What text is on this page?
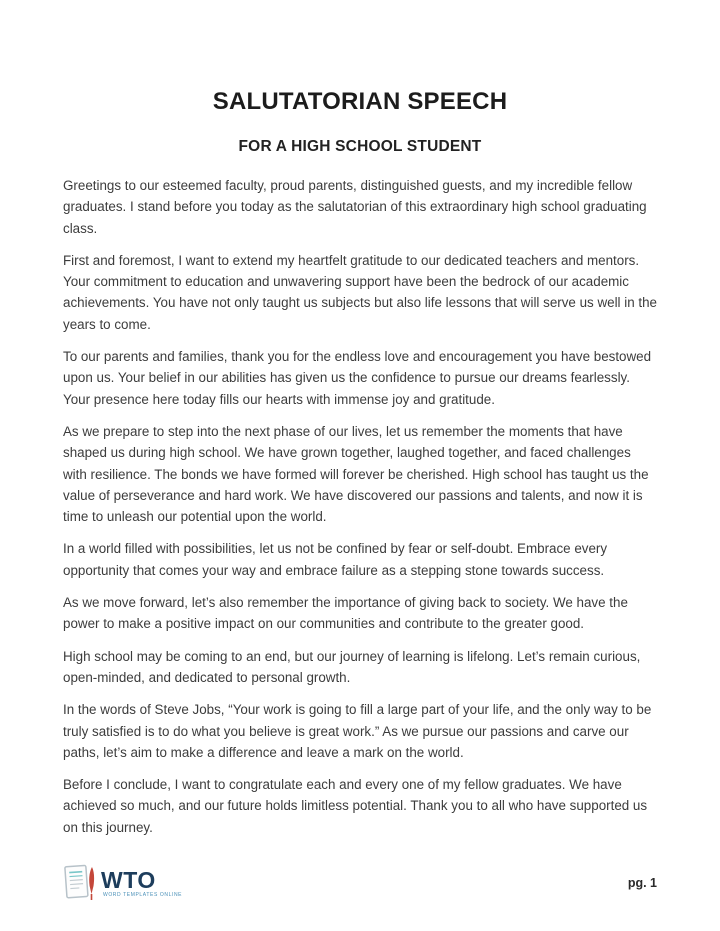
SALUTATORIAN SPEECH
FOR A HIGH SCHOOL STUDENT

Greetings to our esteemed faculty, proud parents, distinguished guests, and my incredible fellow graduates. I stand before you today as the salutatorian of this extraordinary high school graduating class.

First and foremost, I want to extend my heartfelt gratitude to our dedicated teachers and mentors. Your commitment to education and unwavering support have been the bedrock of our academic achievements. You have not only taught us subjects but also life lessons that will serve us well in the years to come.

To our parents and families, thank you for the endless love and encouragement you have bestowed upon us. Your belief in our abilities has given us the confidence to pursue our dreams fearlessly. Your presence here today fills our hearts with immense joy and gratitude.

As we prepare to step into the next phase of our lives, let us remember the moments that have shaped us during high school. We have grown together, laughed together, and faced challenges with resilience. The bonds we have formed will forever be cherished. High school has taught us the value of perseverance and hard work. We have discovered our passions and talents, and now it is time to unleash our potential upon the world.

In a world filled with possibilities, let us not be confined by fear or self-doubt. Embrace every opportunity that comes your way and embrace failure as a stepping stone towards success.

As we move forward, let’s also remember the importance of giving back to society. We have the power to make a positive impact on our communities and contribute to the greater good.

High school may be coming to an end, but our journey of learning is lifelong. Let’s remain curious, open-minded, and dedicated to personal growth.

In the words of Steve Jobs, “Your work is going to fill a large part of your life, and the only way to be truly satisfied is to do what you believe is great work.” As we pursue our passions and carve our paths, let’s aim to make a difference and leave a mark on the world.

Before I conclude, I want to congratulate each and every one of my fellow graduates. We have achieved so much, and our future holds limitless potential. Thank you to all who have supported us on this journey.

WTO
WORD TEMPLATES ONLINE
pg. 1
